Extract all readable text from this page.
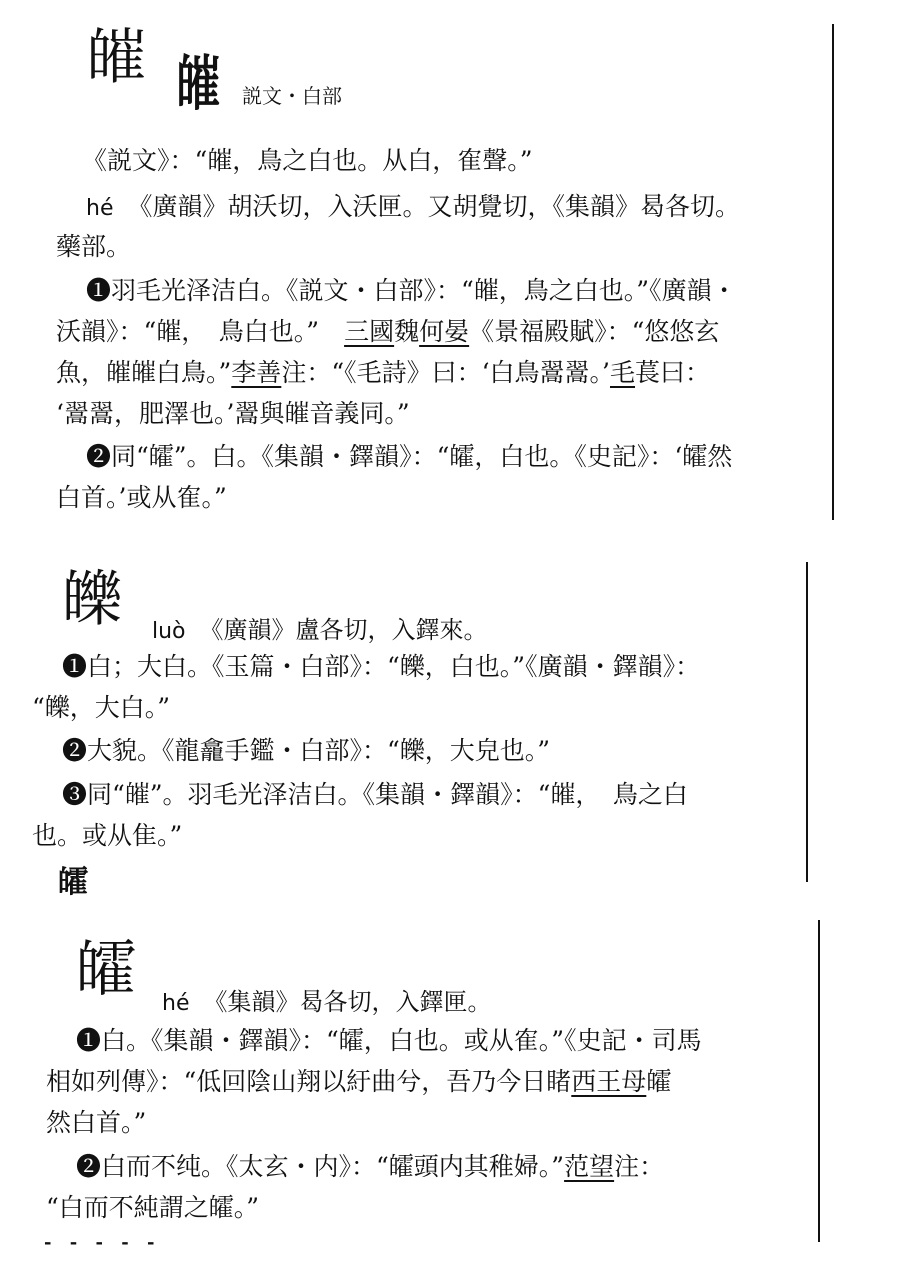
皠 皠 説文・白部
《説文》：“皠，鳥之白也。从白，隺聲。”
hé 《廣韻》胡沃切，入沃匣。又胡覺切，《集韻》曷各切。
藥部。
❶羽毛光泽洁白。《説文・白部》：“皠，鳥之白也。”《廣韻・
沃韻》：“皠，　鳥白也。”　三國魏何晏《景福殿賦》：“悠悠玄
魚，皠皠白鳥。”李善注：“《毛詩》曰：‘白鳥翯翯。’毛萇曰：
‘翯翯，肥澤也。’翯與皠音義同。”
❷同“皬”。白。《集韻・鐸韻》：“皬，白也。《史記》：‘皬然
白首。’或从隺。”
皪 luò 《廣韻》盧各切，入鐸來。
❶白；大白。《玉篇・白部》：“皪，白也。”《廣韻・鐸韻》：
“皪，大白。”
❷大貌。《龍龕手鑑・白部》：“皪，大皃也。”
❸同“皠”。羽毛光泽洁白。《集韻・鐸韻》：“皠，　鳥之白
也。或从隹。”
皬
皬 hé 《集韻》曷各切，入鐸匣。
❶白。《集韻・鐸韻》：“皬，白也。或从隺。”《史記・司馬
相如列傳》：“低回陰山翔以紆曲兮，吾乃今日睹西王母皬
然白首。”
❷白而不纯。《太玄・内》：“皬頭内其稚婦。”范望注：
“白而不純謂之皬。”
- - - - -
